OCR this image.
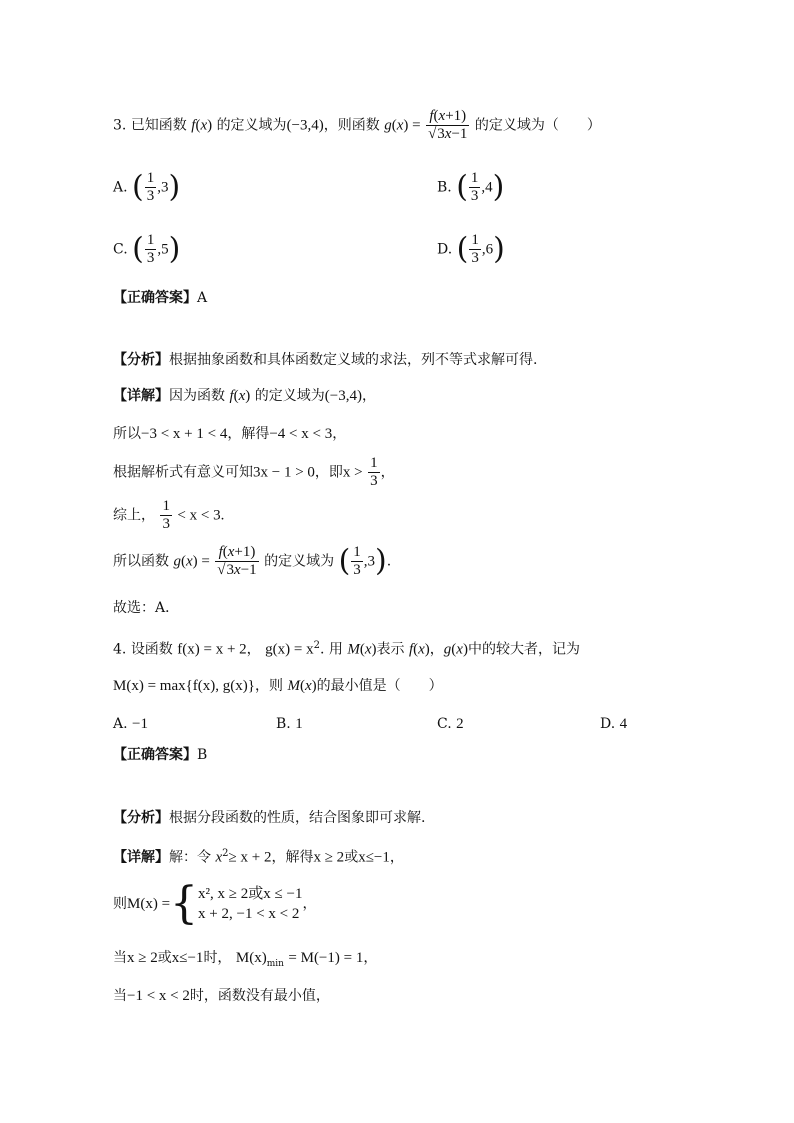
3. 已知函数 f(x) 的定义域为(−3,4)，则函数 $g(x) = \frac{f(x+1)}{√3x-1}$ 的定义域为（　　）
A. ( $\frac{1}{3} ,3$)	B. ( $\frac{1}{3} ,4$)
C. ( $\frac{1}{3} ,5$)	D. ( $\frac{1}{3} ,6$)
【正确答案】A
【分析】根据抽象函数和具体函数定义域的求法，列不等式求解可得.
【详解】因为函数 f(x) 的定义域为(−3,4)，
所以−3 < x + 1 < 4，解得−4 < x < 3，
根据解析式有意义可知3x − 1 > 0，即$x > \frac{1}{3}$ ，
综上， $\frac{1}{3} < x < 3$.
所以函数 $g(x) = \frac{f(x+1)}{√3x-1}$ 的定义域为 ( $\frac{1}{3} ,3$).
故选：A．
4. 设函数 f(x) = x + 2， $g(x) = x^2$. 用 M(x)表示 f(x)，g(x)中的较大者，记为
M(x) = max{f(x), g(x)}，则 M(x)的最小值是（　　）
A. −1	B. 1	C. 2	D. 4
【正确答案】B
【分析】根据分段函数的性质，结合图象即可求解.
【详解】解：令 $x^2\ge x + 2$，解得x ≥ 2或x≤−1，
则M(x) ={ x², x ≥ 2或x ≤ −1
x + 2, −1 < x < 2
，
当x ≥ 2或x≤−1时， $M(x)_{min} = M(-1) = 1$，
当−1 < x < 2时，函数没有最小值，
